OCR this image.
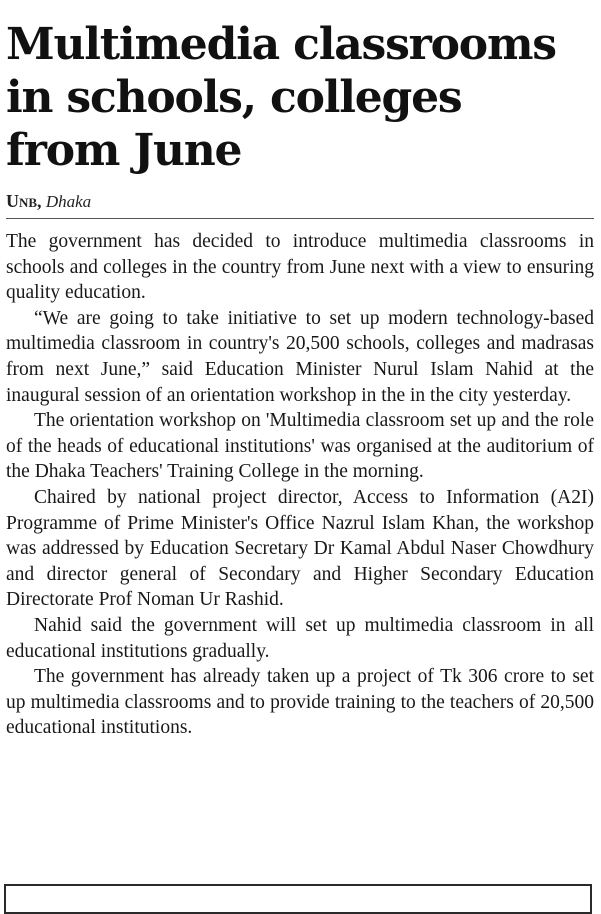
Multimedia classrooms
in schools, colleges
from June
Unb, Dhaka

The government has decided to introduce multimedia classrooms in schools and colleges in the country from June next with a view to ensuring quality education.

“We are going to take initiative to set up modern technology-based multimedia classroom in country's 20,500 schools, colleges and madrasas from next June,” said Education Minister Nurul Islam Nahid at the inaugural session of an orientation workshop in the in the city yesterday.

The orientation workshop on 'Multimedia classroom set up and the role of the heads of educational institutions' was organised at the auditorium of the Dhaka Teachers' Training College in the morning.

Chaired by national project director, Access to Information (A2I) Programme of Prime Minister's Office Nazrul Islam Khan, the workshop was addressed by Education Secretary Dr Kamal Abdul Naser Chowdhury and director general of Secondary and Higher Secondary Education Directorate Prof Noman Ur Rashid.

Nahid said the government will set up multimedia classroom in all educational institutions gradually.

The government has already taken up a project of Tk 306 crore to set up multimedia classrooms and to provide training to the teachers of 20,500 educational institutions.
